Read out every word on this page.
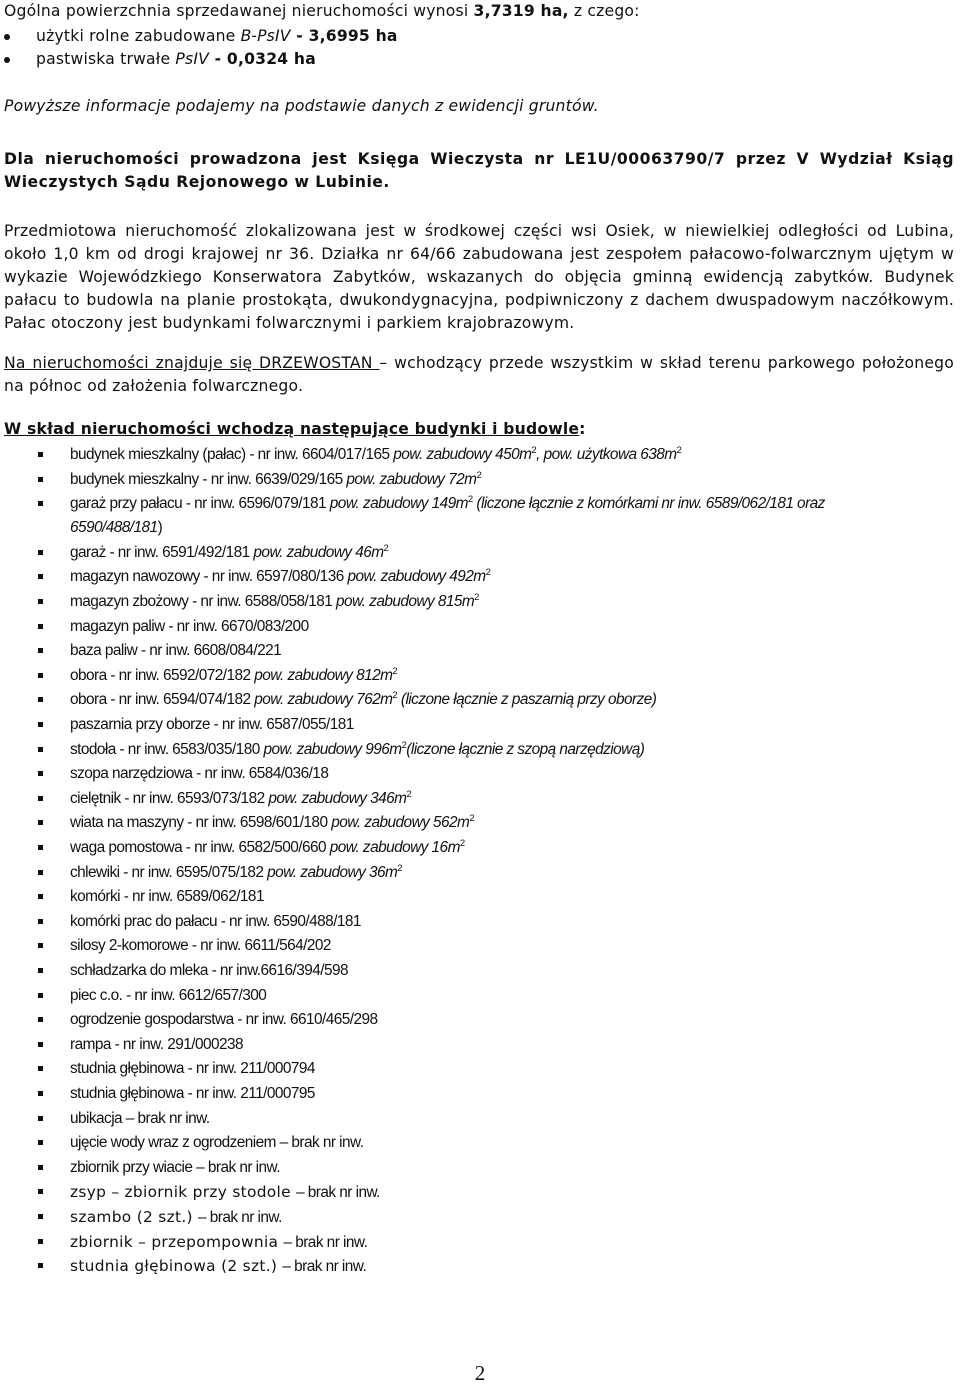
Ogólna powierzchnia sprzedawanej nieruchomości wynosi 3,7319 ha, z czego:

użytki rolne zabudowane B-PsIV - 3,6995 ha
pastwiska trwałe PsIV - 0,0324 ha

Powyższe informacje podajemy na podstawie danych z ewidencji gruntów.

Dla nieruchomości prowadzona jest Księga Wieczysta nr LE1U/00063790/7 przez V Wydział Ksiąg Wieczystych Sądu Rejonowego w Lubinie.

Przedmiotowa nieruchomość zlokalizowana jest w środkowej części wsi Osiek, w niewielkiej odległości od Lubina, około 1,0 km od drogi krajowej nr 36. Działka nr 64/66 zabudowana jest zespołem pałacowo-folwarcznym ujętym w wykazie Wojewódzkiego Konserwatora Zabytków, wskazanych do objęcia gminną ewidencją zabytków. Budynek pałacu to budowla na planie prostokąta, dwukondygnacyjna, podpiwniczony z dachem dwuspadowym naczółkowym. Pałac otoczony jest budynkami folwarcznymi i parkiem krajobrazowym.

Na nieruchomości znajduje się DRZEWOSTAN – wchodzący przede wszystkim w skład terenu parkowego położonego na północ od założenia folwarcznego.

W skład nieruchomości wchodzą następujące budynki i budowle:

budynek mieszkalny (pałac) - nr inw. 6604/017/165 pow. zabudowy $450m^2$, pow. użytkowa $638m^2$
budynek mieszkalny - nr inw. 6639/029/165 pow. zabudowy $72m^2$
garaż przy pałacu - nr inw. 6596/079/181 pow. zabudowy $149m^2$ (liczone łącznie z komórkami nr inw. 6589/062/181 oraz
6590/488/181)
garaż - nr inw. 6591/492/181 pow. zabudowy $46m^2$
magazyn nawozowy - nr inw. 6597/080/136 pow. zabudowy $492m^2$
magazyn zbożowy - nr inw. 6588/058/181 pow. zabudowy $815m^2$
magazyn paliw - nr inw. 6670/083/200
baza paliw - nr inw. 6608/084/221
obora - nr inw. 6592/072/182 pow. zabudowy $812m^2$
obora - nr inw. 6594/074/182 pow. zabudowy $762m^2$ (liczone łącznie z paszarnią przy oborze)
paszarnia przy oborze - nr inw. 6587/055/181
stodoła - nr inw. 6583/035/180 pow. zabudowy $996m^2(liczone$ łącznie z szopą narzędziową)
szopa narzędziowa - nr inw. 6584/036/18
cielętnik - nr inw. 6593/073/182 pow. zabudowy $346m^2$
wiata na maszyny - nr inw. 6598/601/180 pow. zabudowy $562m^2$
waga pomostowa - nr inw. 6582/500/660 pow. zabudowy $16m^2$
chlewiki - nr inw. 6595/075/182 pow. zabudowy $36m^2$
komórki - nr inw. 6589/062/181
komórki prac do pałacu - nr inw. 6590/488/181
silosy 2-komorowe - nr inw. 6611/564/202
schładzarka do mleka - nr inw.6616/394/598
piec c.o. - nr inw. 6612/657/300
ogrodzenie gospodarstwa - nr inw. 6610/465/298
rampa - nr inw. 291/000238
studnia głębinowa - nr inw. 211/000794
studnia głębinowa - nr inw. 211/000795
ubikacja – brak nr inw.
ujęcie wody wraz z ogrodzeniem – brak nr inw.
zbiornik przy wiacie – brak nr inw.
zsyp – zbiornik przy stodole – brak nr inw.
szambo (2 szt.) – brak nr inw.
zbiornik – przepompownia – brak nr inw.
studnia głębinowa (2 szt.) – brak nr inw.
2
